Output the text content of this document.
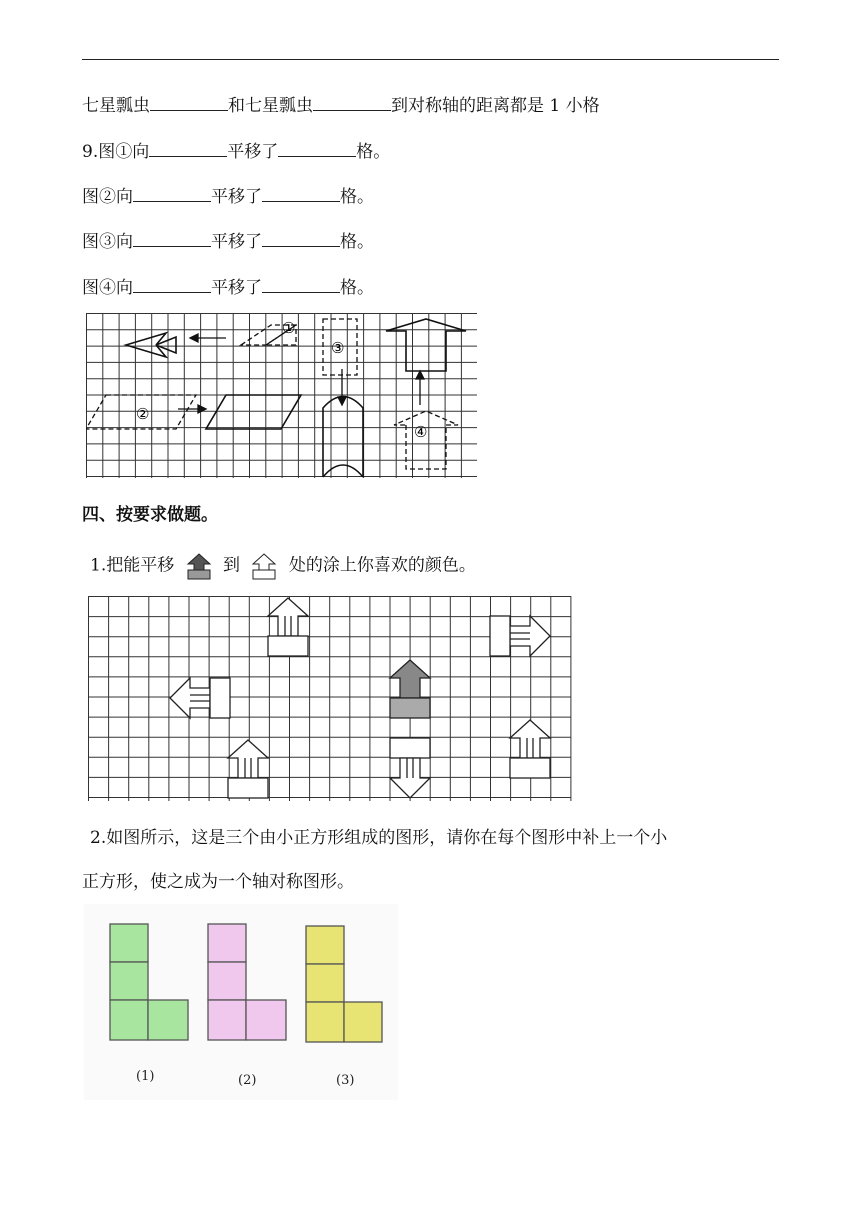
七星瓢虫	和七星瓢虫	到对称轴的距离都是 1 小格
9.图①向	平移了	格。
图②向	平移了	格。
图③向	平移了	格。
图④向	平移了	格。
①
②
③
④
四、按要求做题。
1.把能平移	到	处的涂上你喜欢的颜色。
2.如图所示，这是三个由小正方形组成的图形，请你在每个图形中补上一个小
正方形，使之成为一个轴对称图形。
(1)	(2)	(3)
